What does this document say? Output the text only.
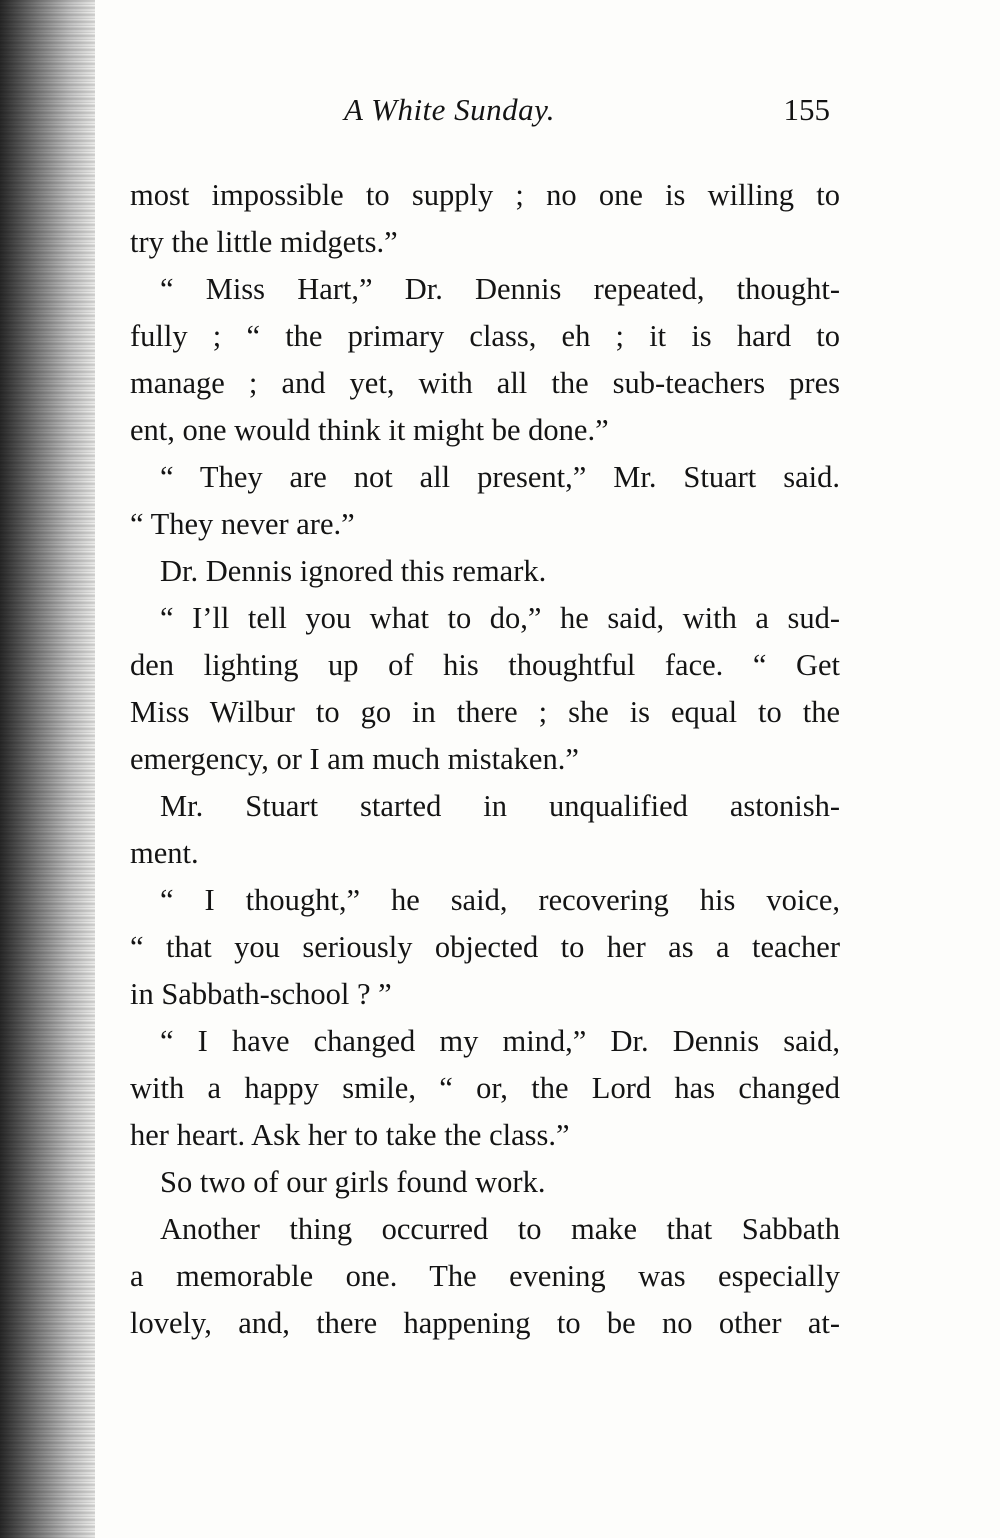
A White Sunday.	155
most impossible to supply ; no one is willing to
try the little midgets.”
“ Miss Hart,” Dr. Dennis repeated, thought-
fully ; “ the primary class, eh ; it is hard to
manage ; and yet, with all the sub-teachers pres
ent, one would think it might be done.”
“ They are not all present,” Mr. Stuart said.
“ They never are.”
Dr. Dennis ignored this remark.
“ I’ll tell you what to do,” he said, with a sud-
den lighting up of his thoughtful face. “ Get
Miss Wilbur to go in there ; she is equal to the
emergency, or I am much mistaken.”
Mr. Stuart started in unqualified astonish-
ment.
“ I thought,” he said, recovering his voice,
“ that you seriously objected to her as a teacher
in Sabbath-school ? ”
“ I have changed my mind,” Dr. Dennis said,
with a happy smile, “ or, the Lord has changed
her heart. Ask her to take the class.”
So two of our girls found work.
Another thing occurred to make that Sabbath
a memorable one. The evening was especially
lovely, and, there happening to be no other at-
